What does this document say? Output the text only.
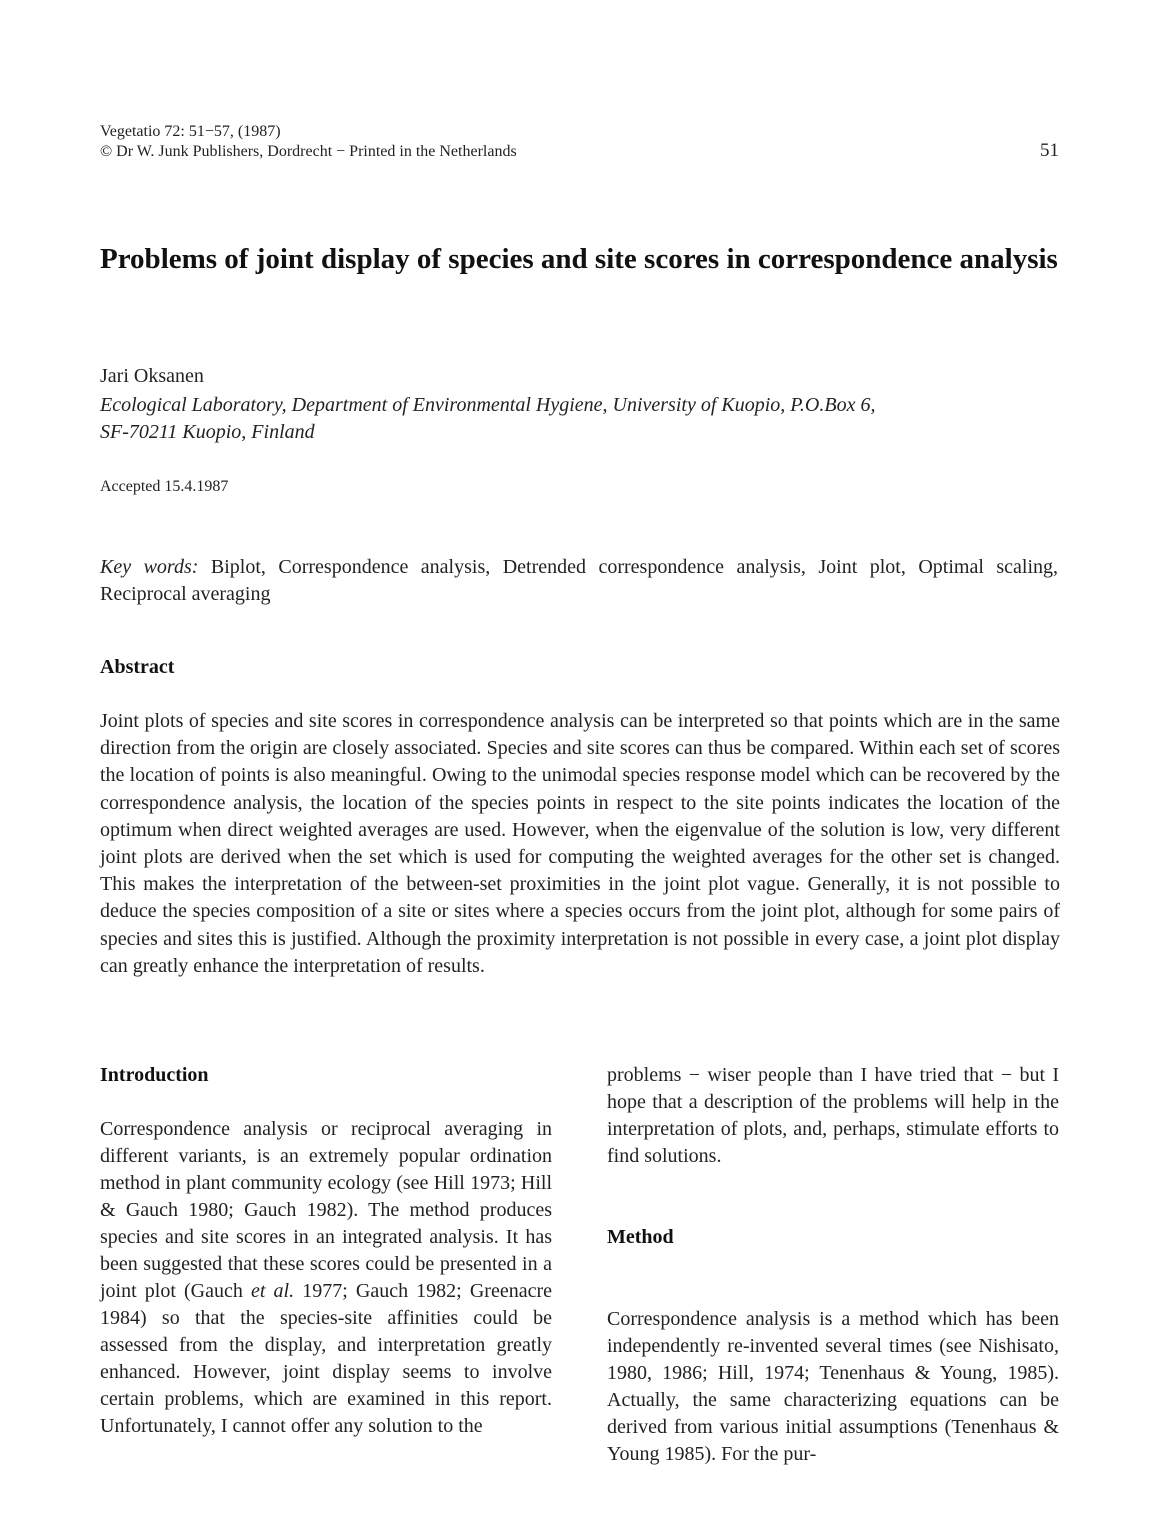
Vegetatio 72: 51−57, (1987)
© Dr W. Junk Publishers, Dordrecht − Printed in the Netherlands	51
Problems of joint display of species and site scores in correspondence analysis
Jari Oksanen
Ecological Laboratory, Department of Environmental Hygiene, University of Kuopio, P.O.Box 6,
SF-70211 Kuopio, Finland
Accepted 15.4.1987
Key words: Biplot, Correspondence analysis, Detrended correspondence analysis, Joint plot, Optimal scaling, Reciprocal averaging
Abstract
Joint plots of species and site scores in correspondence analysis can be interpreted so that points which are in the same direction from the origin are closely associated. Species and site scores can thus be compared. Within each set of scores the location of points is also meaningful. Owing to the unimodal species response model which can be recovered by the correspondence analysis, the location of the species points in respect to the site points indicates the location of the optimum when direct weighted averages are used. However, when the eigenvalue of the solution is low, very different joint plots are derived when the set which is used for computing the weighted averages for the other set is changed. This makes the interpretation of the between-set proximities in the joint plot vague. Generally, it is not possible to deduce the species composition of a site or sites where a species occurs from the joint plot, although for some pairs of species and sites this is justified. Although the proximity interpretation is not possible in every case, a joint plot display can greatly enhance the interpretation of results.
Introduction
Correspondence analysis or reciprocal averaging in different variants, is an extremely popular ordination method in plant community ecology (see Hill 1973; Hill & Gauch 1980; Gauch 1982). The method produces species and site scores in an integrated analysis. It has been suggested that these scores could be presented in a joint plot (Gauch et al. 1977; Gauch 1982; Greenacre 1984) so that the species-site affinities could be assessed from the display, and interpretation greatly enhanced. However, joint display seems to involve certain problems, which are examined in this report. Unfortunately, I cannot offer any solution to the
problems − wiser people than I have tried that − but I hope that a description of the problems will help in the interpretation of plots, and, perhaps, stimulate efforts to find solutions.
Method
Correspondence analysis is a method which has been independently re-invented several times (see Nishisato, 1980, 1986; Hill, 1974; Tenenhaus & Young, 1985). Actually, the same characterizing equations can be derived from various initial assumptions (Tenenhaus & Young 1985). For the pur-
